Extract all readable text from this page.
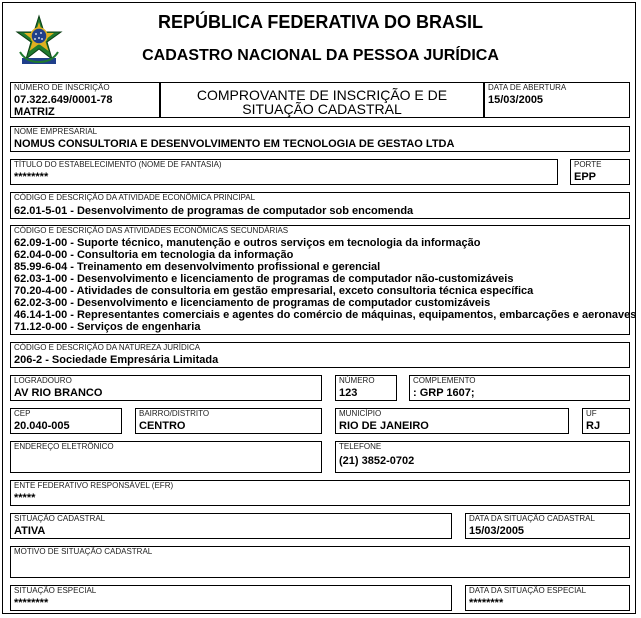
REPÚBLICA FEDERATIVA DO BRASIL
CADASTRO NACIONAL DA PESSOA JURÍDICA
NÚMERO DE INSCRIÇÃO
07.322.649/0001-78
MATRIZ
COMPROVANTE DE INSCRIÇÃO E DE SITUAÇÃO CADASTRAL
DATA DE ABERTURA
15/03/2005
NOME EMPRESARIAL
NOMUS CONSULTORIA E DESENVOLVIMENTO EM TECNOLOGIA DE GESTAO LTDA
TÍTULO DO ESTABELECIMENTO (NOME DE FANTASIA)
********
PORTE
EPP
CÓDIGO E DESCRIÇÃO DA ATIVIDADE ECONÔMICA PRINCIPAL
62.01-5-01 - Desenvolvimento de programas de computador sob encomenda
CÓDIGO E DESCRIÇÃO DAS ATIVIDADES ECONÔMICAS SECUNDÁRIAS
62.09-1-00 - Suporte técnico, manutenção e outros serviços em tecnologia da informação
62.04-0-00 - Consultoria em tecnologia da informação
85.99-6-04 - Treinamento em desenvolvimento profissional e gerencial
62.03-1-00 - Desenvolvimento e licenciamento de programas de computador não-customizáveis
70.20-4-00 - Atividades de consultoria em gestão empresarial, exceto consultoria técnica específica
62.02-3-00 - Desenvolvimento e licenciamento de programas de computador customizáveis
46.14-1-00 - Representantes comerciais e agentes do comércio de máquinas, equipamentos, embarcações e aeronaves
71.12-0-00 - Serviços de engenharia
CÓDIGO E DESCRIÇÃO DA NATUREZA JURÍDICA
206-2 - Sociedade Empresária Limitada
LOGRADOURO
AV RIO BRANCO
NÚMERO
123
COMPLEMENTO
: GRP 1607;
CEP
20.040-005
BAIRRO/DISTRITO
CENTRO
MUNICÍPIO
RIO DE JANEIRO
UF
RJ
ENDEREÇO ELETRÔNICO	TELEFONE
(21) 3852-0702
ENTE FEDERATIVO RESPONSÁVEL (EFR)
*****
SITUAÇÃO CADASTRAL
ATIVA
DATA DA SITUAÇÃO CADASTRAL
15/03/2005
MOTIVO DE SITUAÇÃO CADASTRAL
SITUAÇÃO ESPECIAL
********
DATA DA SITUAÇÃO ESPECIAL
********
